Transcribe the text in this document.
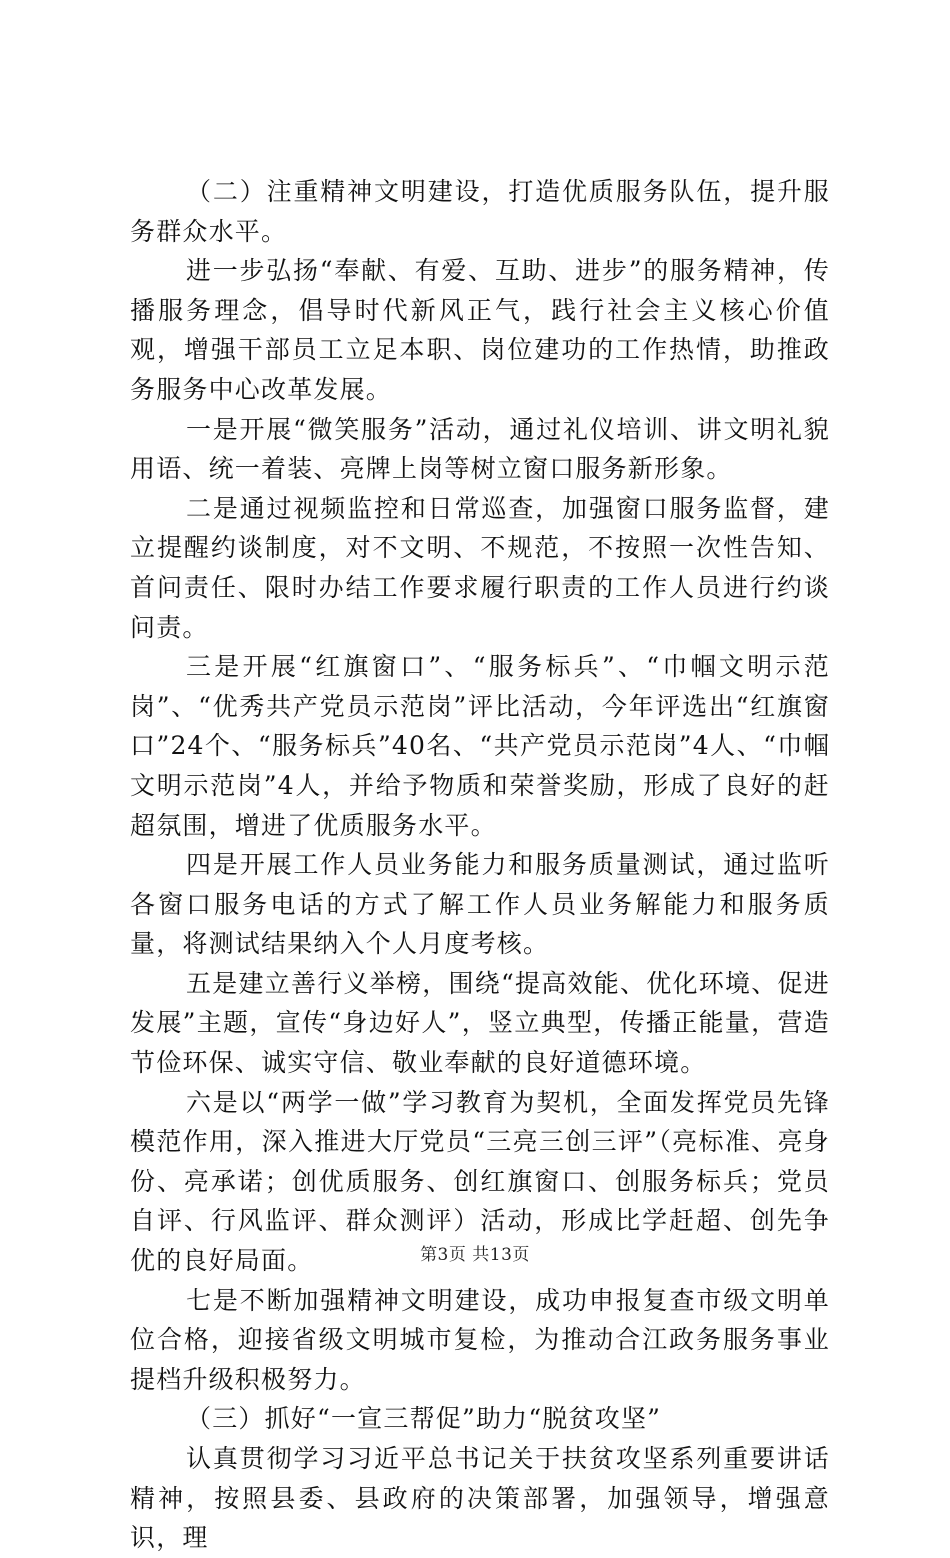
（二）注重精神文明建设，打造优质服务队伍，提升服务群众水平。

进一步弘扬“奉献、有爱、互助、进步”的服务精神，传播服务理念，倡导时代新风正气，践行社会主义核心价值观，增强干部员工立足本职、岗位建功的工作热情，助推政务服务中心改革发展。

一是开展“微笑服务”活动，通过礼仪培训、讲文明礼貌用语、统一着装、亮牌上岗等树立窗口服务新形象。

二是通过视频监控和日常巡查，加强窗口服务监督，建立提醒约谈制度，对不文明、不规范，不按照一次性告知、首问责任、限时办结工作要求履行职责的工作人员进行约谈问责。

三是开展“红旗窗口”、“服务标兵”、“巾帼文明示范岗”、“优秀共产党员示范岗”评比活动，今年评选出“红旗窗口”24个、“服务标兵”40名、“共产党员示范岗”4人、“巾帼文明示范岗”4人，并给予物质和荣誉奖励，形成了良好的赶超氛围，增进了优质服务水平。

四是开展工作人员业务能力和服务质量测试，通过监听各窗口服务电话的方式了解工作人员业务解能力和服务质量，将测试结果纳入个人月度考核。

五是建立善行义举榜，围绕“提高效能、优化环境、促进发展”主题，宣传“身边好人”，竖立典型，传播正能量，营造节俭环保、诚实守信、敬业奉献的良好道德环境。

六是以“两学一做”学习教育为契机，全面发挥党员先锋模范作用，深入推进大厅党员“三亮三创三评”（亮标准、亮身份、亮承诺；创优质服务、创红旗窗口、创服务标兵；党员自评、行风监评、群众测评）活动，形成比学赶超、创先争优的良好局面。

七是不断加强精神文明建设，成功申报复查市级文明单位合格，迎接省级文明城市复检，为推动合江政务服务事业提档升级积极努力。

（三）抓好“一宣三帮促”助力“脱贫攻坚”

认真贯彻学习习近平总书记关于扶贫攻坚系列重要讲话精神，按照县委、县政府的决策部署，加强领导，增强意识，理

第3页 共13页
